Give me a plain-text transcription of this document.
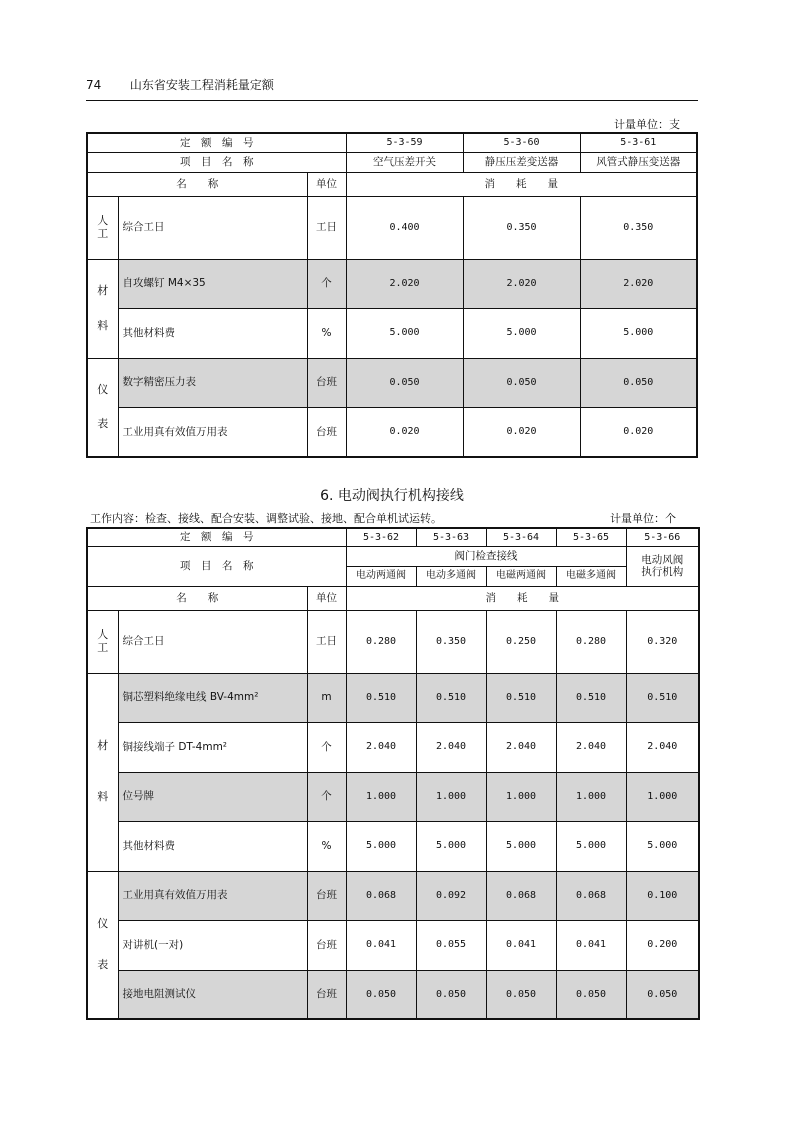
74 山东省安装工程消耗量定额
计量单位：支
定　额　编　号			5-3-59	5-3-60	5-3-61
项　目　名　称			空气压差开关	静压压差变送器	风管式静压变送器
名　　称		单位	消　　耗　　量		
人工	综合工日	工日	0.400	0.350	0.350

材
料	自攻螺钉 M4×35	个	2.020	2.020	2.020
	其他材料费	%	5.000	5.000	5.000

仪
表	数字精密压力表	台班	0.050	0.050	0.050
	工业用真有效值万用表	台班	0.020	0.020	0.020
6. 电动阀执行机构接线
工作内容：检查、接线、配合安装、调整试验、接地、配合单机试运转。	计量单位：个
定　额　编　号			5-3-62	5-3-63	5-3-64	5-3-65	5-3-66
项　目　名　称			阀门检查接线				电动风阀
执行机构

			电动两通阀	电动多通阀	电磁两通阀	电磁多通阀	
名　　称		单位	消　　耗　　量				
人工	综合工日	工日	0.280	0.350	0.250	0.280	0.320

材
料	铜芯塑料绝缘电线 BV-4mm²	m	0.510	0.510	0.510	0.510	0.510
	铜接线端子 DT-4mm²	个	2.040	2.040	2.040	2.040	2.040
	位号牌	个	1.000	1.000	1.000	1.000	1.000
	其他材料费	%	5.000	5.000	5.000	5.000	5.000

仪
表	工业用真有效值万用表	台班	0.068	0.092	0.068	0.068	0.100
	对讲机(一对)	台班	0.041	0.055	0.041	0.041	0.200
	接地电阻测试仪	台班	0.050	0.050	0.050	0.050	0.050
